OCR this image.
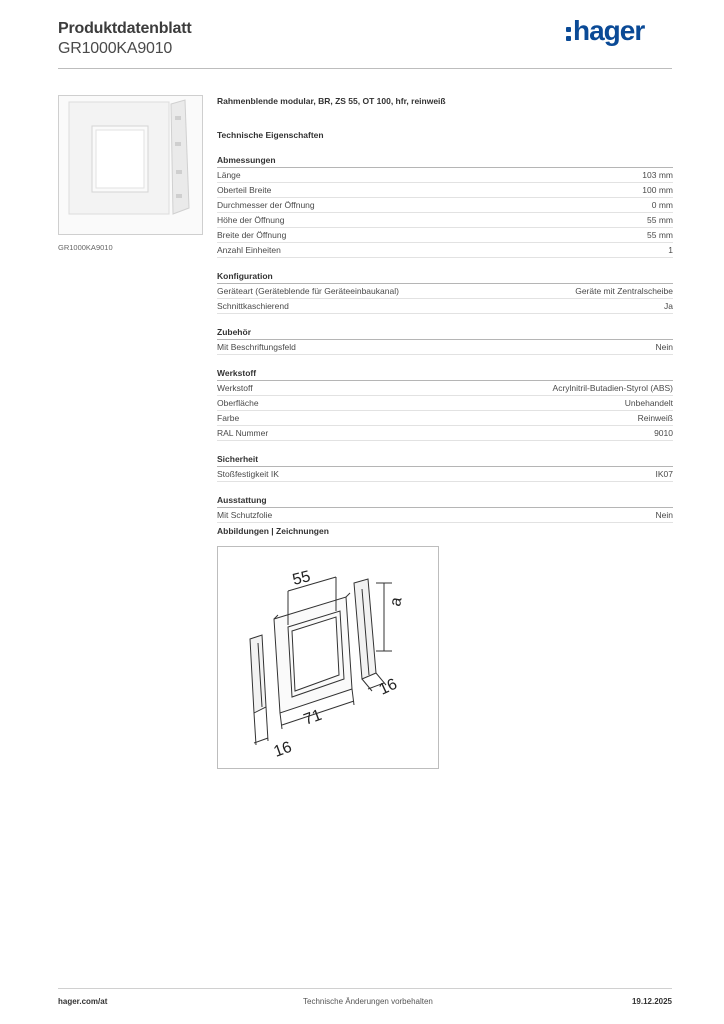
Produktdatenblatt
GR1000KA9010
hager
GR1000KA9010
Rahmenblende modular, BR, ZS 55, OT 100, hfr, reinweiß
Technische Eigenschaften
Abmessungen
Länge	103 mm
Oberteil Breite	100 mm
Durchmesser der Öffnung	0 mm
Höhe der Öffnung	55 mm
Breite der Öffnung	55 mm
Anzahl Einheiten	1
Konfiguration
Geräteart (Geräteblende für Geräteeinbaukanal)	Geräte mit Zentralscheibe
Schnittkaschierend	Ja
Zubehör
Mit Beschriftungsfeld	Nein
Werkstoff
Werkstoff	Acrylnitril-Butadien-Styrol (ABS)
Oberfläche	Unbehandelt
Farbe	Reinweiß
RAL Nummer	9010
Sicherheit
Stoßfestigkeit IK	IK07
Ausstattung
Mit Schutzfolie	Nein
Abbildungen | Zeichnungen
55
a
16
71
16
hager.com/at	Technische Änderungen vorbehalten	19.12.2025
